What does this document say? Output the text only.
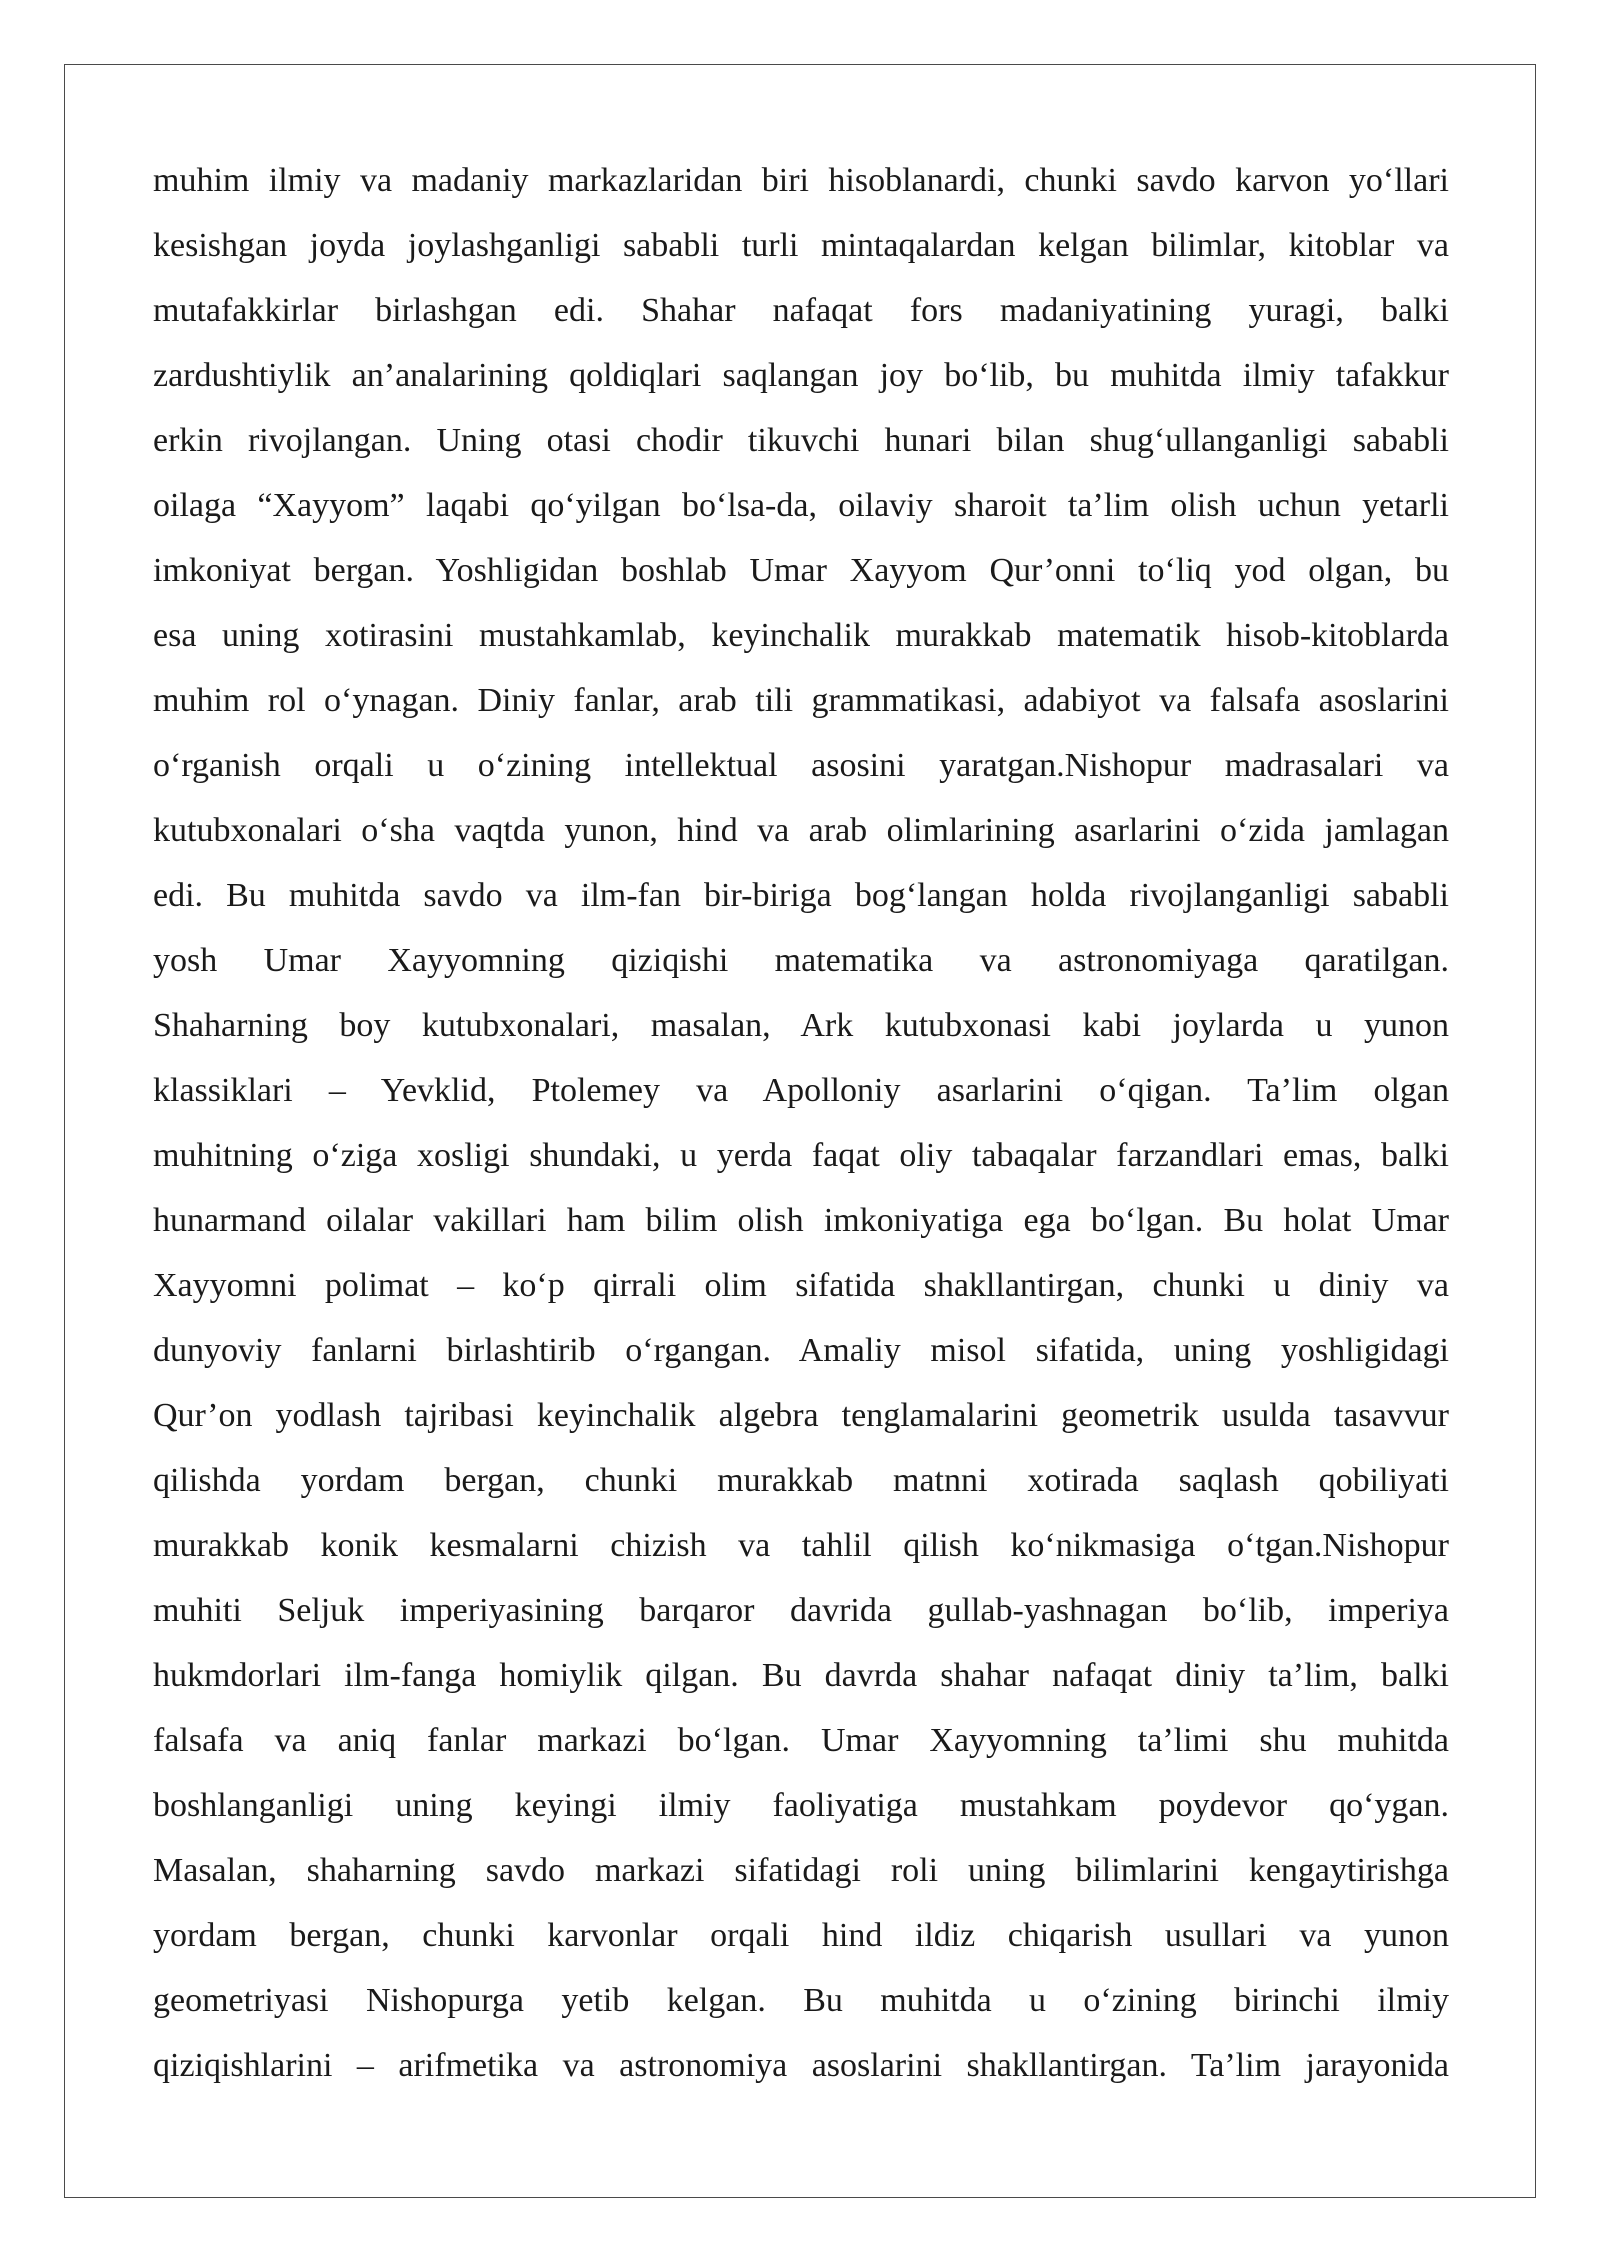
muhim ilmiy va madaniy markazlaridan biri hisoblanardi, chunki savdo karvon yo‘llari
kesishgan joyda joylashganligi sababli turli mintaqalardan kelgan bilimlar, kitoblar va
mutafakkirlar birlashgan edi. Shahar nafaqat fors madaniyatining yuragi, balki
zardushtiylik an’analarining qoldiqlari saqlangan joy bo‘lib, bu muhitda ilmiy tafakkur
erkin rivojlangan. Uning otasi chodir tikuvchi hunari bilan shug‘ullanganligi sababli
oilaga “Xayyom” laqabi qo‘yilgan bo‘lsa-da, oilaviy sharoit ta’lim olish uchun yetarli
imkoniyat bergan. Yoshligidan boshlab Umar Xayyom Qur’onni to‘liq yod olgan, bu
esa uning xotirasini mustahkamlab, keyinchalik murakkab matematik hisob-kitoblarda
muhim rol o‘ynagan. Diniy fanlar, arab tili grammatikasi, adabiyot va falsafa asoslarini
o‘rganish orqali u o‘zining intellektual asosini yaratgan.Nishopur madrasalari va
kutubxonalari o‘sha vaqtda yunon, hind va arab olimlarining asarlarini o‘zida jamlagan
edi. Bu muhitda savdo va ilm-fan bir-biriga bog‘langan holda rivojlanganligi sababli
yosh Umar Xayyomning qiziqishi matematika va astronomiyaga qaratilgan.
Shaharning boy kutubxonalari, masalan, Ark kutubxonasi kabi joylarda u yunon
klassiklari – Yevklid, Ptolemey va Apolloniy asarlarini o‘qigan. Ta’lim olgan
muhitning o‘ziga xosligi shundaki, u yerda faqat oliy tabaqalar farzandlari emas, balki
hunarmand oilalar vakillari ham bilim olish imkoniyatiga ega bo‘lgan. Bu holat Umar
Xayyomni polimat – ko‘p qirrali olim sifatida shakllantirgan, chunki u diniy va
dunyoviy fanlarni birlashtirib o‘rgangan. Amaliy misol sifatida, uning yoshligidagi
Qur’on yodlash tajribasi keyinchalik algebra tenglamalarini geometrik usulda tasavvur
qilishda yordam bergan, chunki murakkab matnni xotirada saqlash qobiliyati
murakkab konik kesmalarni chizish va tahlil qilish ko‘nikmasiga o‘tgan.Nishopur
muhiti Seljuk imperiyasining barqaror davrida gullab-yashnagan bo‘lib, imperiya
hukmdorlari ilm-fanga homiylik qilgan. Bu davrda shahar nafaqat diniy ta’lim, balki
falsafa va aniq fanlar markazi bo‘lgan. Umar Xayyomning ta’limi shu muhitda
boshlanganligi uning keyingi ilmiy faoliyatiga mustahkam poydevor qo‘ygan.
Masalan, shaharning savdo markazi sifatidagi roli uning bilimlarini kengaytirishga
yordam bergan, chunki karvonlar orqali hind ildiz chiqarish usullari va yunon
geometriyasi Nishopurga yetib kelgan. Bu muhitda u o‘zining birinchi ilmiy
qiziqishlarini – arifmetika va astronomiya asoslarini shakllantirgan. Ta’lim jarayonida
